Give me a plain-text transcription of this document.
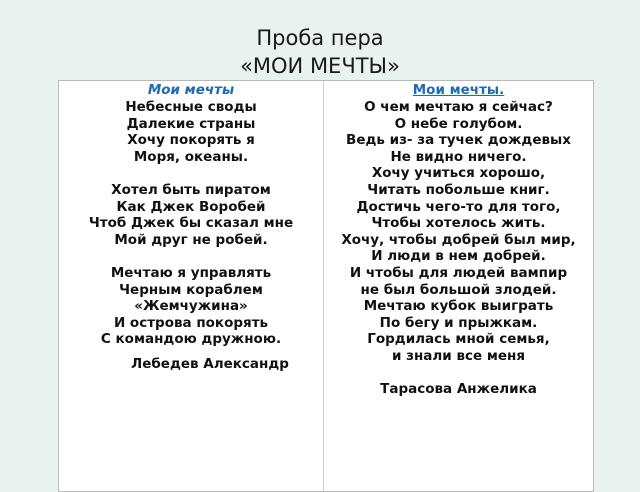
Проба пера
«МОИ МЕЧТЫ»
Мои мечты
Небесные своды
Далекие страны
Хочу покорять я
Моря, океаны.
Хотел быть пиратом
Как Джек Воробей
Чтоб Джек бы сказал мне
Мой друг не робей.
Мечтаю я управлять
Черным кораблем
«Жемчужина»
И острова покорять
С командою дружною.
Лебедев Александр
Мои мечты.
О чем мечтаю я сейчас?
О небе голубом.
Ведь из- за тучек дождевых
Не видно ничего.
Хочу учиться хорошо,
Читать побольше книг.
Достичь чего-то для того,
Чтобы хотелось жить.
Хочу, чтобы добрей был мир,
И люди в нем добрей.
И чтобы для людей вампир
не был большой злодей.
Мечтаю кубок выиграть
По бегу и прыжкам.
Гордилась мной семья,
и знали все меня
Тарасова Анжелика
